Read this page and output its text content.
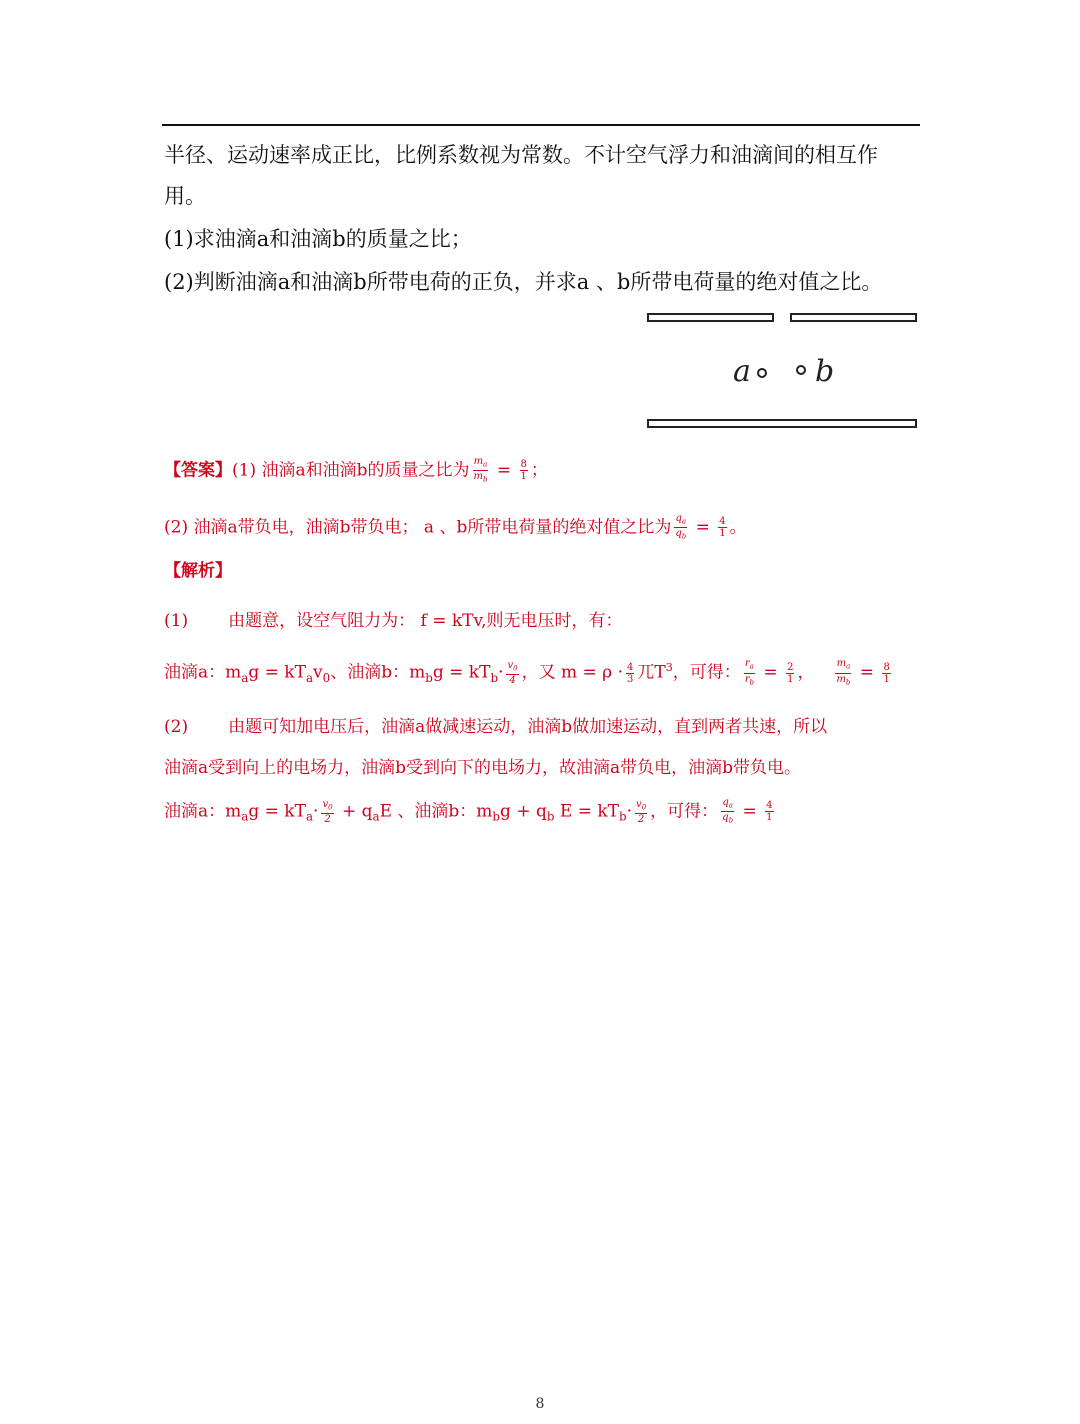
半径、运动速率成正比，比例系数视为常数。不计空气浮力和油滴间的相互作
用。
(1)求油滴a和油滴b的质量之比；
(2)判断油滴a和油滴b所带电荷的正负，并求a 、b所带电荷量的绝对值之比。
a b
【答案】(1) 油滴a和油滴b的质量之比为 $\frac{m_a}{m_b} = \frac{8}{1}$ ；
(2) 油滴a带负电，油滴b带负电； a 、b所带电荷量的绝对值之比为 $\frac{q_a}{q_b} = \frac{4}{1}$ 。
【解析】
(1) 由题意，设空气阻力为： f = kTv,则无电压时，有：
油滴a：$m_ag = kT_av_0$、油滴b：$m_bg = kT_b\cdot \frac{v_0}{4}$ ，又 $m = \rho \cdot \frac{4}{3}$ 兀$T^3$，可得： $\frac{r_a}{r_b} = \frac{2}{1}$ ， $\frac{m_a}{m_b} = \frac{8}{1}$
(2) 由题可知加电压后，油滴a做减速运动，油滴b做加速运动，直到两者共速，所以
油滴a受到向上的电场力，油滴b受到向下的电场力，故油滴a带负电，油滴b带负电。
油滴a：$m_ag = kT_a\cdot \frac{v_0}{2} + q_aE$ 、油滴b：$m_bg + q_b$ $E = kT_b\cdot \frac{v_0}{2}$ ，可得： $\frac{q_a}{q_b} = \frac{4}{1}$
8
